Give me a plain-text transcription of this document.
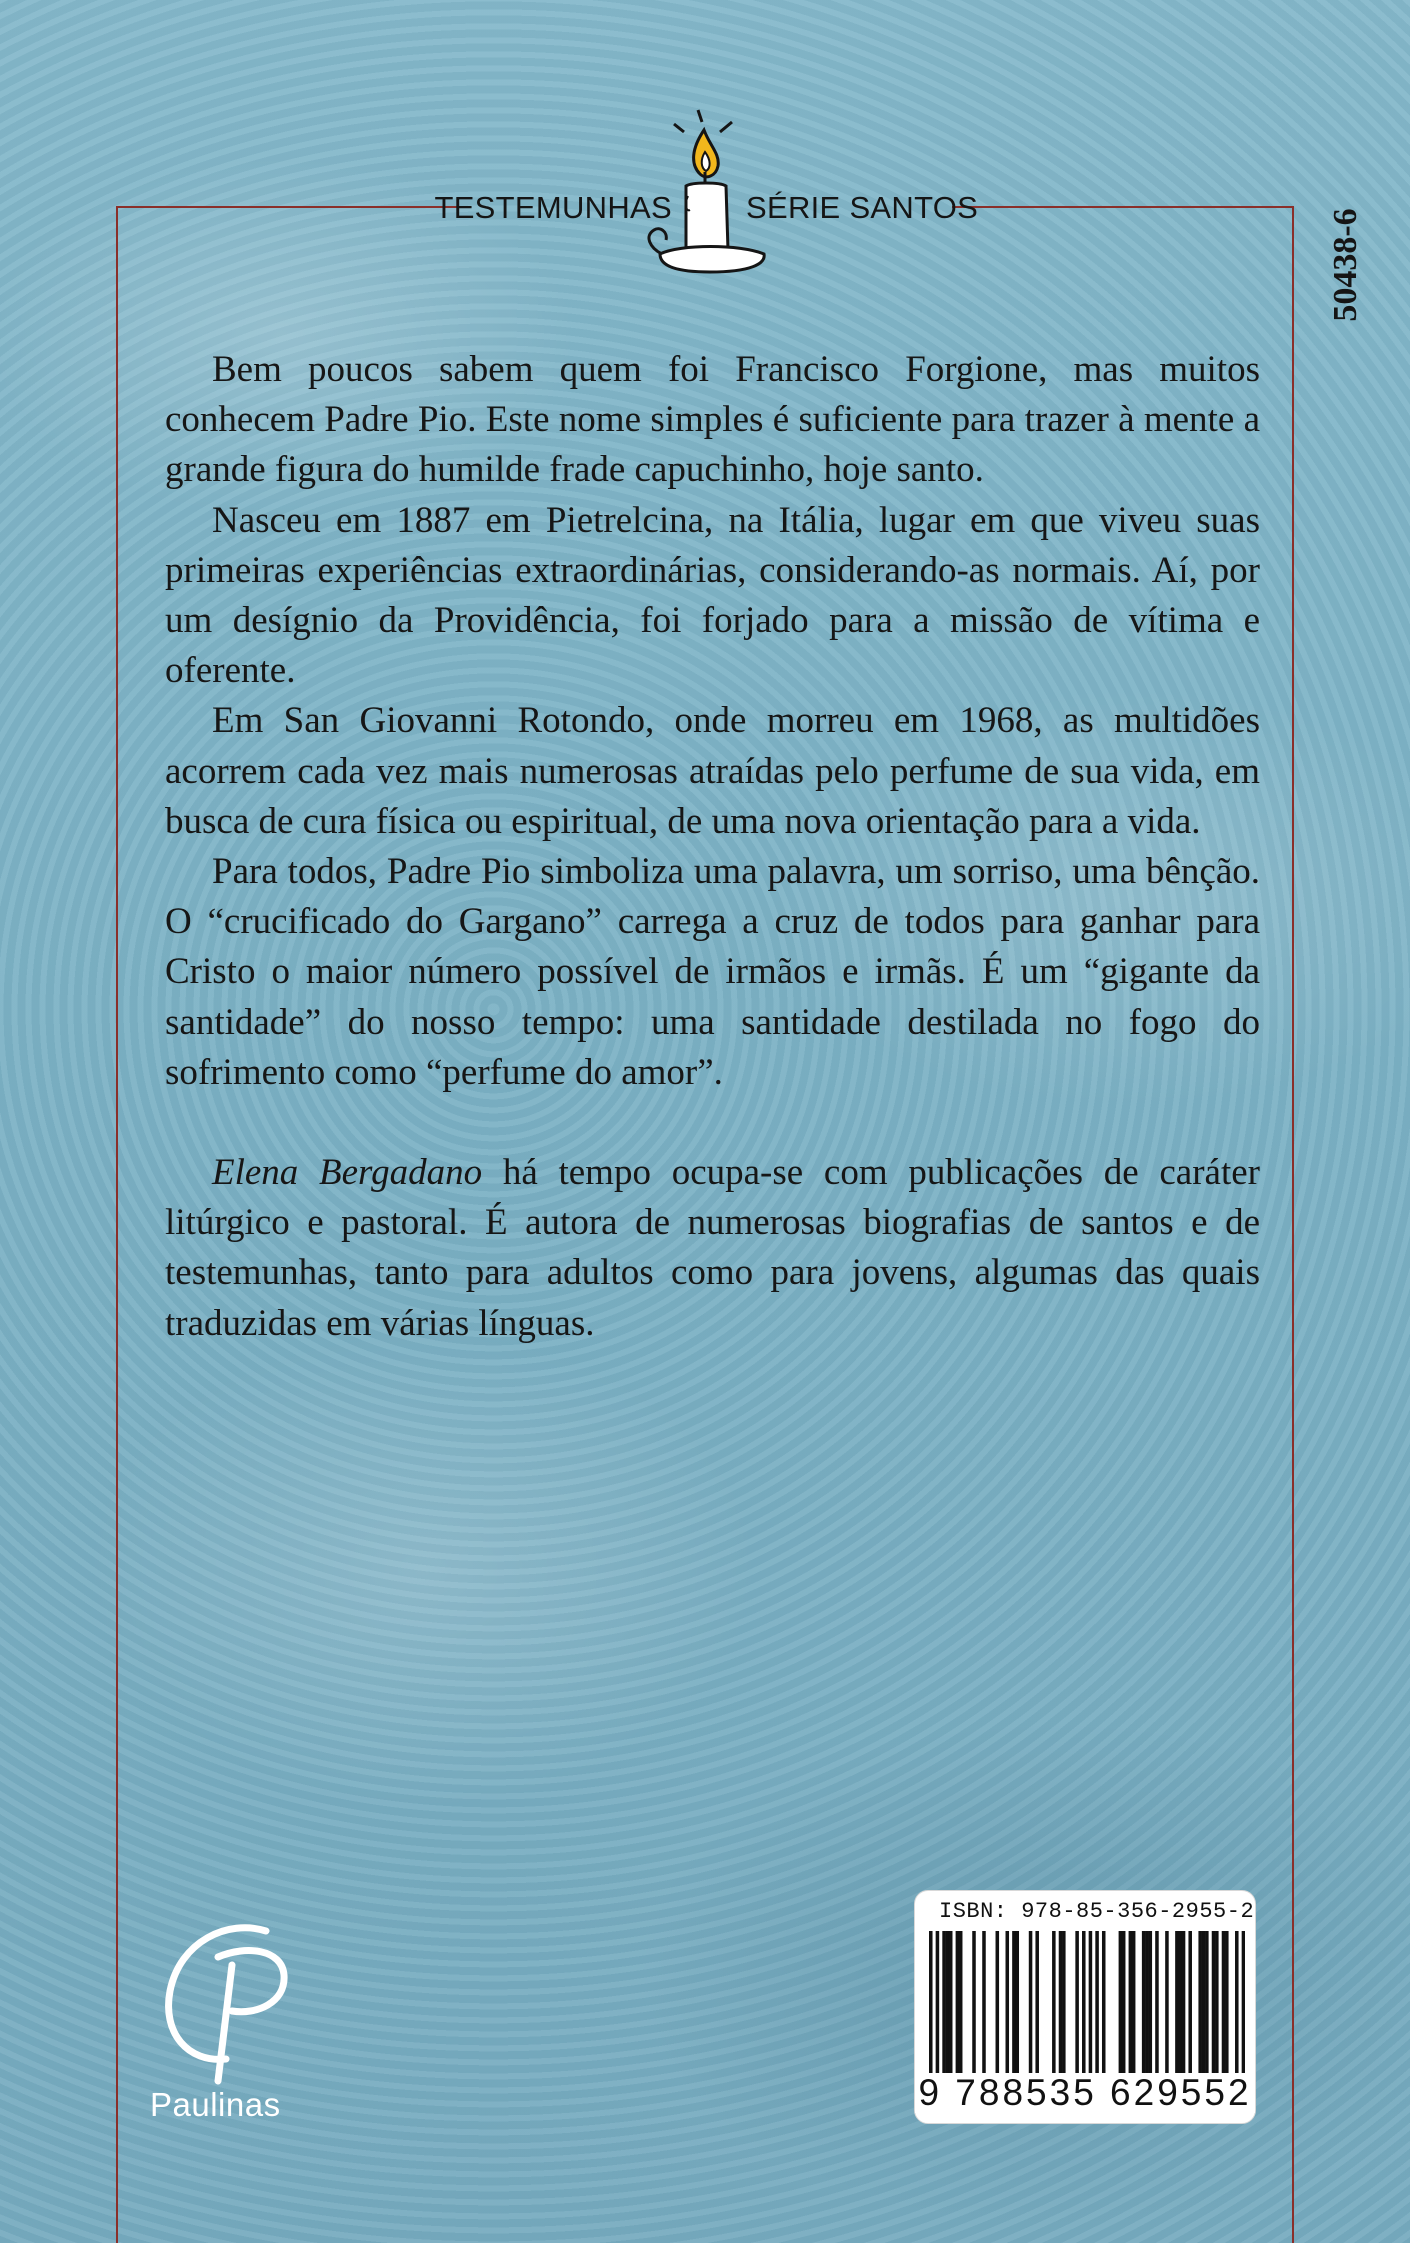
TESTEMUNHAS SÉRIE SANTOS
50438-6

Bem poucos sabem quem foi Francisco Forgione, mas muitos conhecem Padre Pio. Este nome simples é suficiente para trazer à mente a grande figura do humilde frade capuchinho, hoje santo.

Nasceu em 1887 em Pietrelcina, na Itália, lugar em que viveu suas primeiras experiências extraordinárias, considerando-as normais. Aí, por um desígnio da Providência, foi forjado para a missão de vítima e oferente.

Em San Giovanni Rotondo, onde morreu em 1968, as multidões acorrem cada vez mais numerosas atraídas pelo perfume de sua vida, em busca de cura física ou espiritual, de uma nova orientação para a vida.

Para todos, Padre Pio simboliza uma palavra, um sorriso, uma bênção. O “crucificado do Gargano” carrega a cruz de todos para ganhar para Cristo o maior número possível de irmãos e irmãs. É um “gigante da santidade” do nosso tempo: uma santidade destilada no fogo do sofrimento como “perfume do amor”.

Elena Bergadano há tempo ocupa-se com publicações de caráter litúrgico e pastoral. É autora de numerosas biografias de santos e de testemunhas, tanto para adultos como para jovens, algumas das quais traduzidas em várias línguas.

Paulinas
ISBN: 978-85-356-2955-2
9 788535 629552
